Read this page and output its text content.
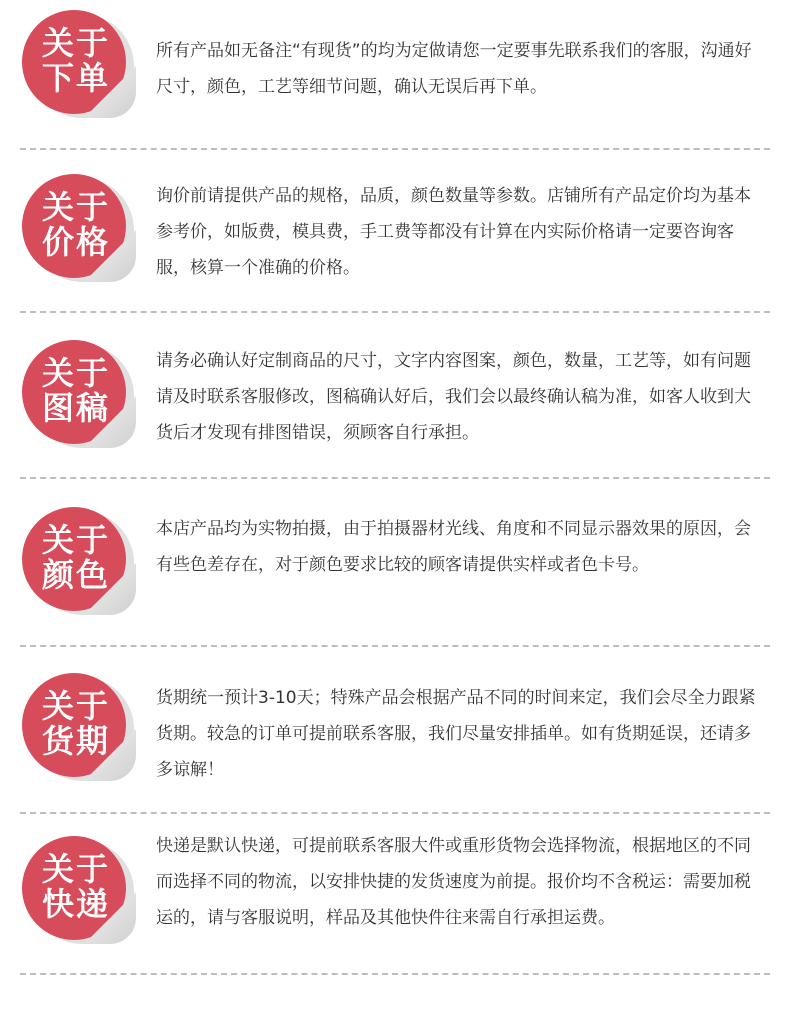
关于
下单
所有产品如无备注“有现货”的均为定做请您一定要事先联系我们的客服，沟通好尺寸，颜色，工艺等细节问题，确认无误后再下单。
关于
价格
询价前请提供产品的规格，品质，颜色数量等参数。店铺所有产品定价均为基本参考价，如版费，模具费，手工费等都没有计算在内实际价格请一定要咨询客服，核算一个准确的价格。
关于
图稿
请务必确认好定制商品的尺寸，文字内容图案，颜色，数量，工艺等，如有问题请及时联系客服修改，图稿确认好后，我们会以最终确认稿为准，如客人收到大货后才发现有排图错误，须顾客自行承担。
关于
颜色
本店产品均为实物拍摄，由于拍摄器材光线、角度和不同显示器效果的原因，会有些色差存在，对于颜色要求比较的顾客请提供实样或者色卡号。
关于
货期
货期统一预计3-10天；特殊产品会根据产品不同的时间来定，我们会尽全力跟紧货期。较急的订单可提前联系客服，我们尽量安排插单。如有货期延误，还请多多谅解！
关于
快递
快递是默认快递，可提前联系客服大件或重形货物会选择物流，根据地区的不同而选择不同的物流，以安排快捷的发货速度为前提。报价均不含税运：需要加税运的，请与客服说明，样品及其他快件往来需自行承担运费。
